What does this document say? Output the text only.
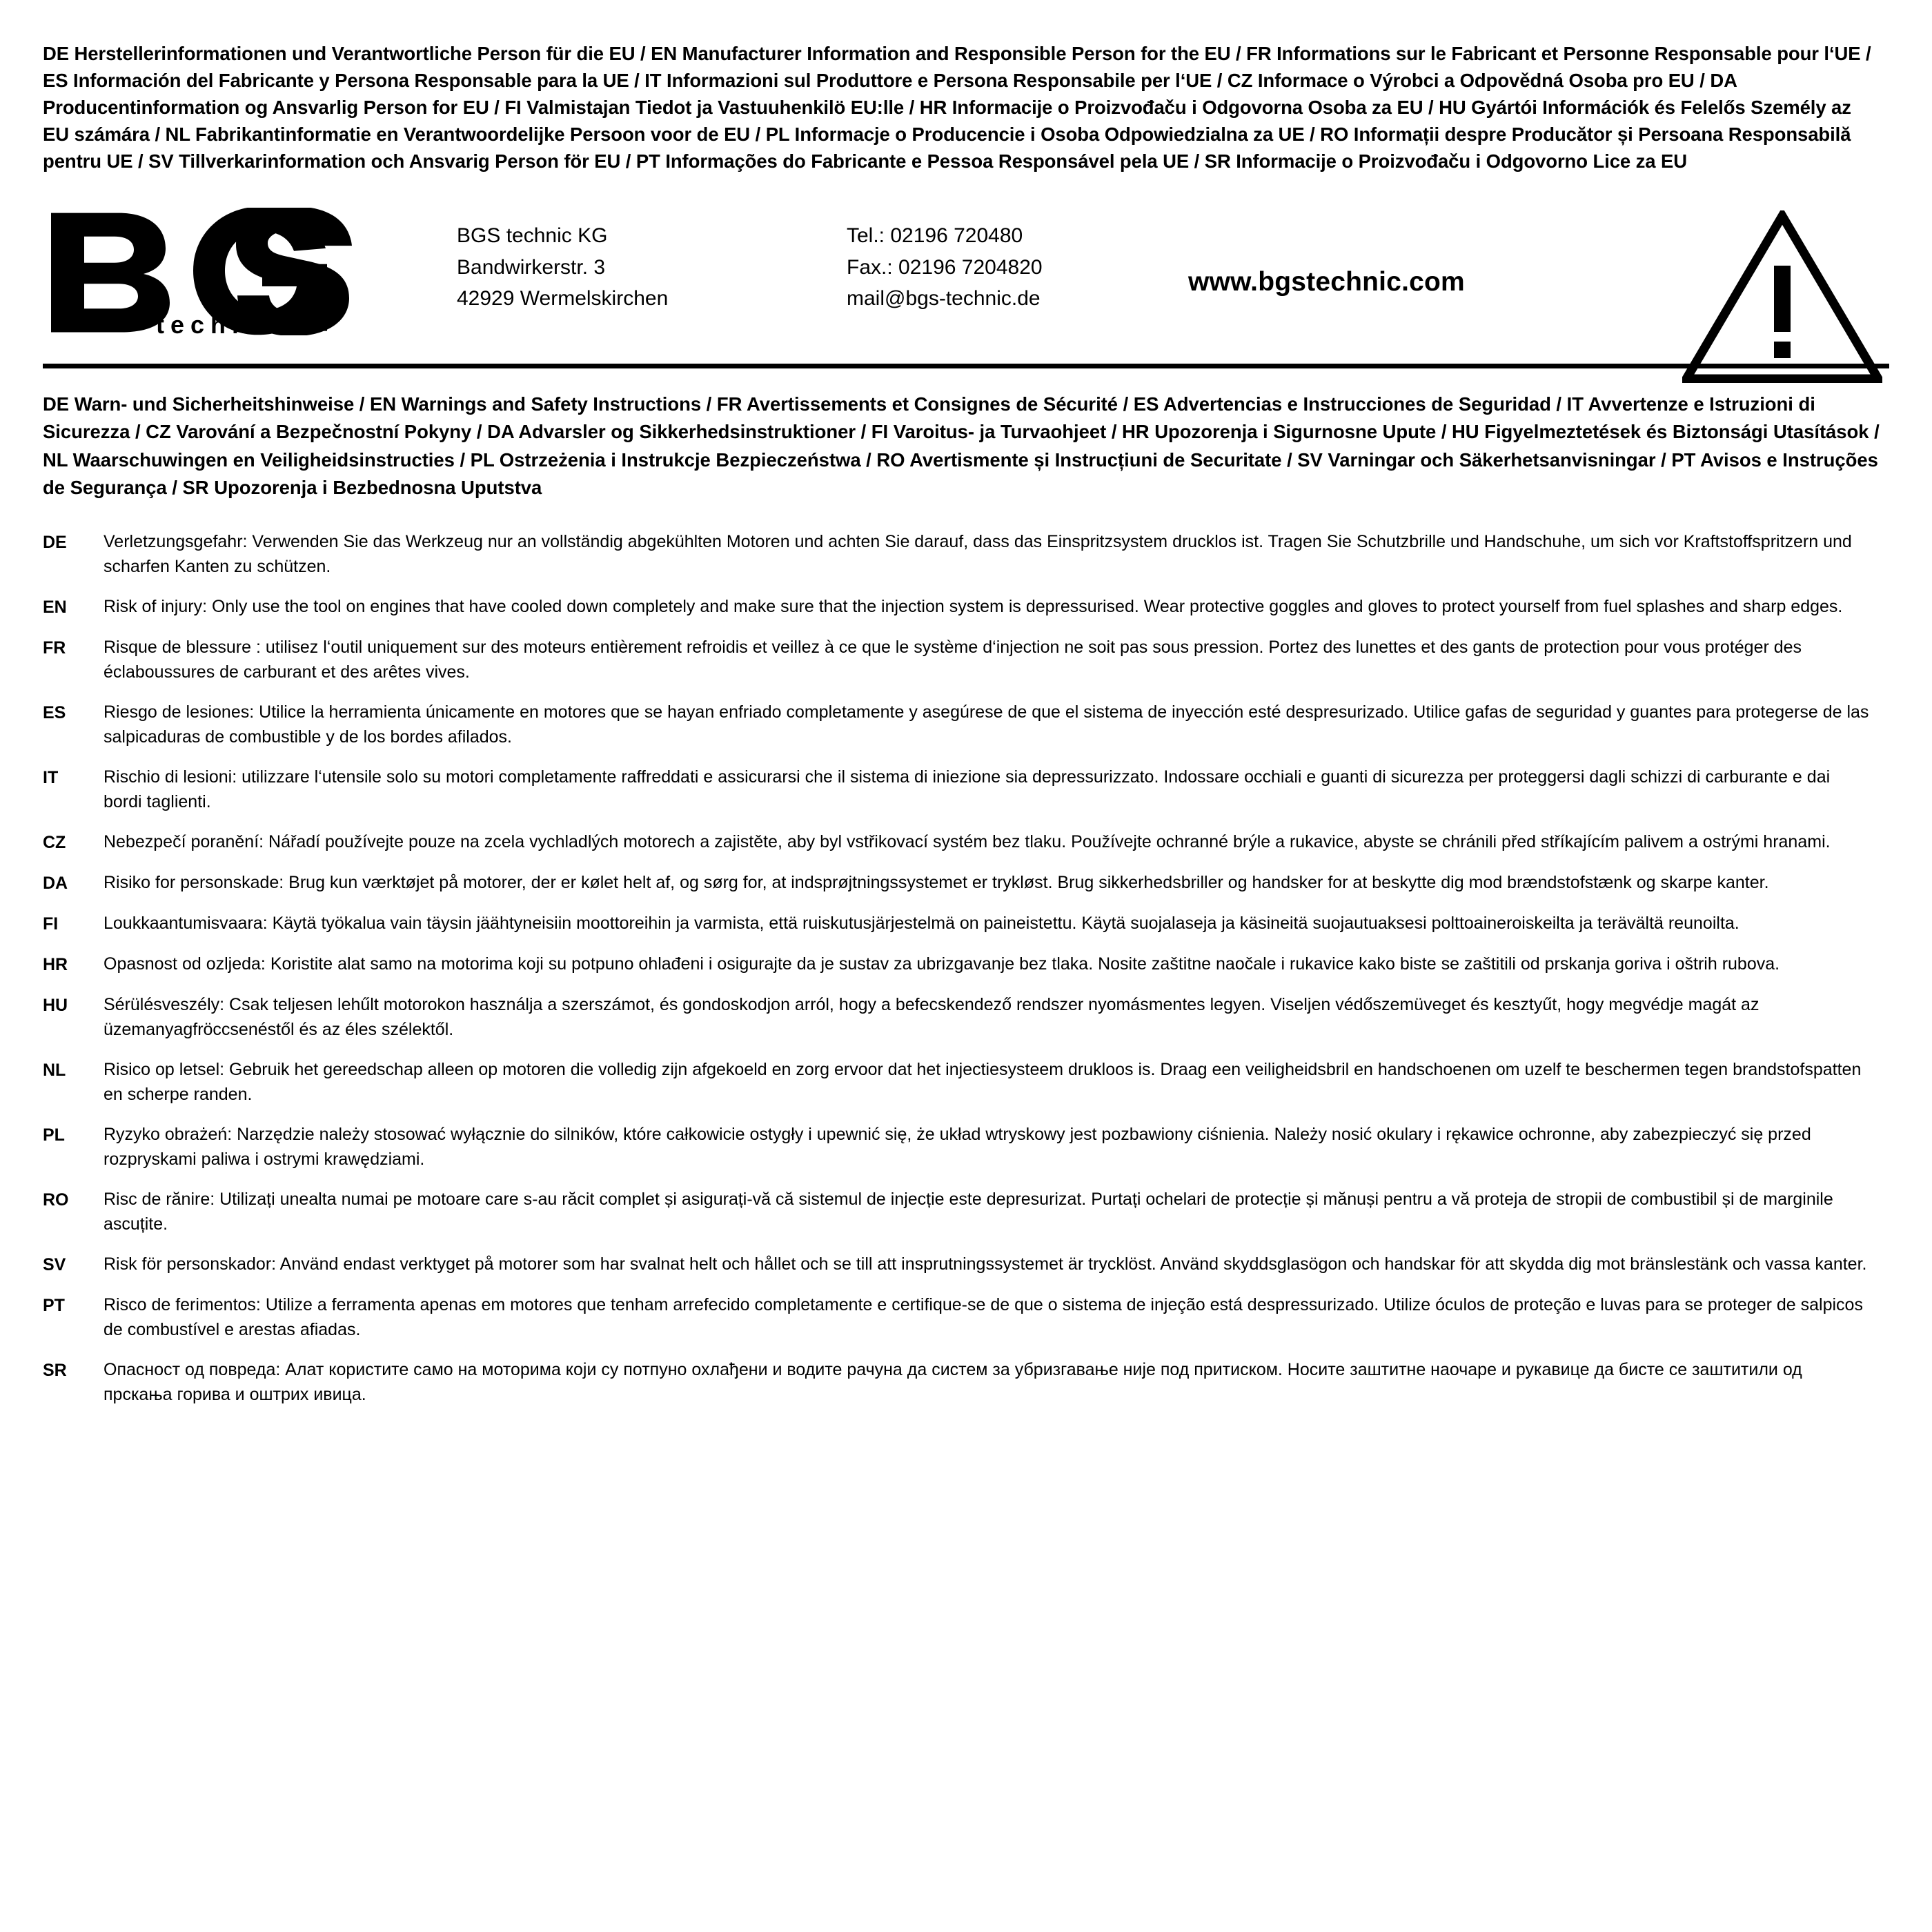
DE Herstellerinformationen und Verantwortliche Person für die EU / EN Manufacturer Information and Responsible Person for the EU / FR Informations sur le Fabricant et Personne Responsable pour l‘UE / ES Información del Fabricante y Persona Responsable para la UE / IT Informazioni sul Produttore e Persona Responsabile per l‘UE / CZ Informace o Výrobci a Odpovědná Osoba pro EU / DA Producentinformation og Ansvarlig Person for EU / FI Valmistajan Tiedot ja Vastuuhenkilö EU:lle / HR Informacije o Proizvođaču i Odgovorna Osoba za EU / HU Gyártói Információk és Felelős Személy az EU számára / NL Fabrikantinformatie en Verantwoordelijke Persoon voor de EU / PL Informacje o Producencie i Osoba Odpowiedzialna za UE / RO Informații despre Producător și Persoana Responsabilă pentru UE / SV Tillverkarinformation och Ansvarig Person för EU / PT Informações do Fabricante e Pessoa Responsável pela UE / SR Informacije o Proizvođaču i Odgovorno Lice za EU
®
technic
BGS technic KG
Bandwirkerstr. 3
42929 Wermelskirchen
Tel.: 02196 720480
Fax.: 02196 7204820
mail@bgs-technic.de
www.bgstechnic.com
DE Warn- und Sicherheitshinweise / EN Warnings and Safety Instructions / FR Avertissements et Consignes de Sécurité / ES Advertencias e Instrucciones de Seguridad / IT Avvertenze e Istruzioni di Sicurezza / CZ Varování a Bezpečnostní Pokyny / DA Advarsler og Sikkerhedsinstruktioner / FI Varoitus- ja Turvaohjeet / HR Upozorenja i Sigurnosne Upute / HU Figyelmeztetések és Biztonsági Utasítások / NL Waarschuwingen en Veiligheidsinstructies / PL Ostrzeżenia i Instrukcje Bezpieczeństwa / RO Avertismente și Instrucțiuni de Securitate / SV Varningar och Säkerhetsanvisningar / PT Avisos e Instruções de Segurança / SR Upozorenja i Bezbednosna Uputstva
DE	Verletzungsgefahr: Verwenden Sie das Werkzeug nur an vollständig abgekühlten Motoren und achten Sie darauf, dass das Einspritzsystem drucklos ist. Tragen Sie Schutzbrille und Handschuhe, um sich vor Kraftstoffspritzern und scharfen Kanten zu schützen.
EN	Risk of injury: Only use the tool on engines that have cooled down completely and make sure that the injection system is depressurised. Wear protective goggles and gloves to protect yourself from fuel splashes and sharp edges.
FR	Risque de blessure : utilisez l‘outil uniquement sur des moteurs entièrement refroidis et veillez à ce que le système d‘injection ne soit pas sous pression. Portez des lunettes et des gants de protection pour vous protéger des éclaboussures de carburant et des arêtes vives.
ES	Riesgo de lesiones: Utilice la herramienta únicamente en motores que se hayan enfriado completamente y asegúrese de que el sistema de inyección esté despresurizado. Utilice gafas de seguridad y guantes para protegerse de las salpicaduras de combustible y de los bordes afilados.
IT	Rischio di lesioni: utilizzare l‘utensile solo su motori completamente raffreddati e assicurarsi che il sistema di iniezione sia depressurizzato. Indossare occhiali e guanti di sicurezza per proteggersi dagli schizzi di carburante e dai bordi taglienti.
CZ	Nebezpečí poranění: Nářadí používejte pouze na zcela vychladlých motorech a zajistěte, aby byl vstřikovací systém bez tlaku. Používejte ochranné brýle a rukavice, abyste se chránili před stříkajícím palivem a ostrými hranami.
DA	Risiko for personskade: Brug kun værktøjet på motorer, der er kølet helt af, og sørg for, at indsprøjtningssystemet er trykløst. Brug sikkerhedsbriller og handsker for at beskytte dig mod brændstofstænk og skarpe kanter.
FI	Loukkaantumisvaara: Käytä työkalua vain täysin jäähtyneisiin moottoreihin ja varmista, että ruiskutusjärjestelmä on paineistettu. Käytä suojalaseja ja käsineitä suojautuaksesi polttoaineroiskeilta ja terävältä reunoilta.
HR	Opasnost od ozljeda: Koristite alat samo na motorima koji su potpuno ohlađeni i osigurajte da je sustav za ubrizgavanje bez tlaka. Nosite zaštitne naočale i rukavice kako biste se zaštitili od prskanja goriva i oštrih rubova.
HU	Sérülésveszély: Csak teljesen lehűlt motorokon használja a szerszámot, és gondoskodjon arról, hogy a befecskendező rendszer nyomásmentes legyen. Viseljen védőszemüveget és kesztyűt, hogy megvédje magát az üzemanyagfröccsenéstől és az éles szélektől.
NL	Risico op letsel: Gebruik het gereedschap alleen op motoren die volledig zijn afgekoeld en zorg ervoor dat het injectiesysteem drukloos is. Draag een veiligheidsbril en handschoenen om uzelf te beschermen tegen brandstofspatten en scherpe randen.
PL	Ryzyko obrażeń: Narzędzie należy stosować wyłącznie do silników, które całkowicie ostygły i upewnić się, że układ wtryskowy jest pozbawiony ciśnienia. Należy nosić okulary i rękawice ochronne, aby zabezpieczyć się przed rozpryskami paliwa i ostrymi krawędziami.
RO	Risc de rănire: Utilizați unealta numai pe motoare care s-au răcit complet și asigurați-vă că sistemul de injecție este depresurizat. Purtați ochelari de protecție și mănuși pentru a vă proteja de stropii de combustibil și de marginile ascuțite.
SV	Risk för personskador: Använd endast verktyget på motorer som har svalnat helt och hållet och se till att insprutningssystemet är trycklöst. Använd skyddsglasögon och handskar för att skydda dig mot bränslestänk och vassa kanter.
PT	Risco de ferimentos: Utilize a ferramenta apenas em motores que tenham arrefecido completamente e certifique-se de que o sistema de injeção está despressurizado. Utilize óculos de proteção e luvas para se proteger de salpicos de combustível e arestas afiadas.
SR	Опасност од повреда: Алат користите само на моторима који су потпуно охлађени и водите рачуна да систем за убризгавање није под притиском. Носите заштитне наочаре и рукавице да бисте се заштитили од прскања горива и оштрих ивица.
